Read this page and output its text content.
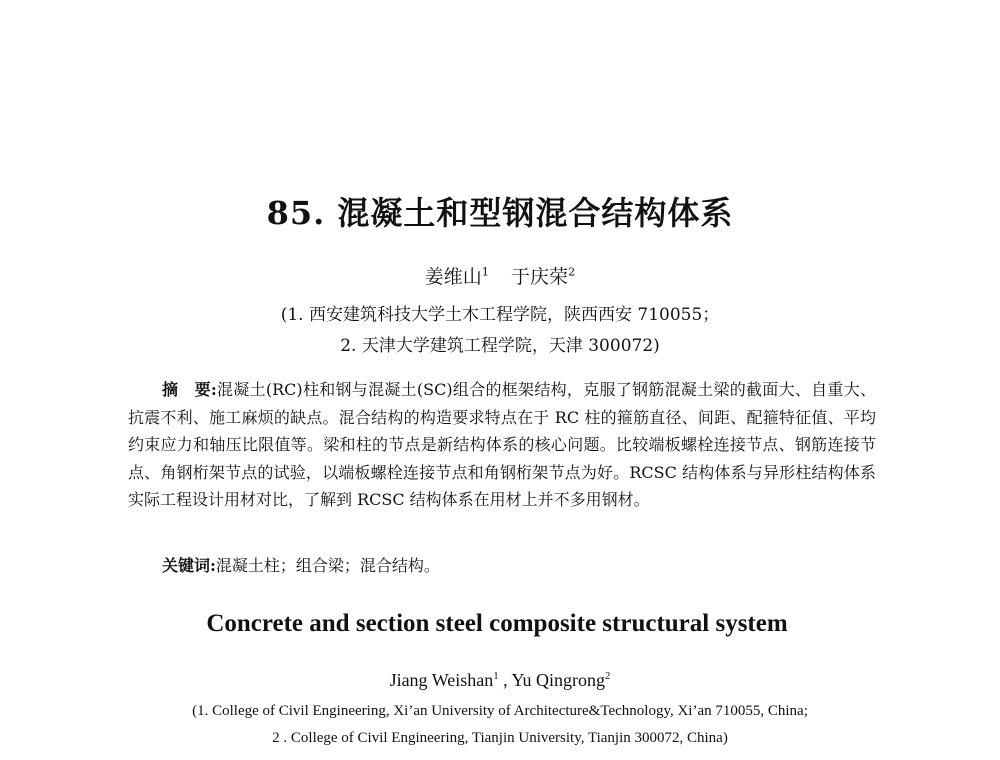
85. 混凝土和型钢混合结构体系
姜维山$^1$ 于庆荣$^2$
(1. 西安建筑科技大学土木工程学院，陕西西安 710055；
2. 天津大学建筑工程学院，天津 300072)
摘　要:混凝土(RC)柱和钢与混凝土(SC)组合的框架结构，克服了钢筋混凝土梁的截面大、自重大、抗震不利、施工麻烦的缺点。混合结构的构造要求特点在于 RC 柱的箍筋直径、间距、配箍特征值、平均约束应力和轴压比限值等。梁和柱的节点是新结构体系的核心问题。比较端板螺栓连接节点、钢筋连接节点、角钢桁架节点的试验，以端板螺栓连接节点和角钢桁架节点为好。RCSC 结构体系与异形柱结构体系实际工程设计用材对比，了解到 RCSC 结构体系在用材上并不多用钢材。
关键词:混凝土柱；组合梁；混合结构。
Concrete and section steel composite structural system
Jiang Weishan$^1$ , Yu Qingrong$^2$
(1. College of Civil Engineering, Xi’an University of Architecture&Technology, Xi’an 710055, China;
2 . College of Civil Engineering, Tianjin University, Tianjin 300072, China)
